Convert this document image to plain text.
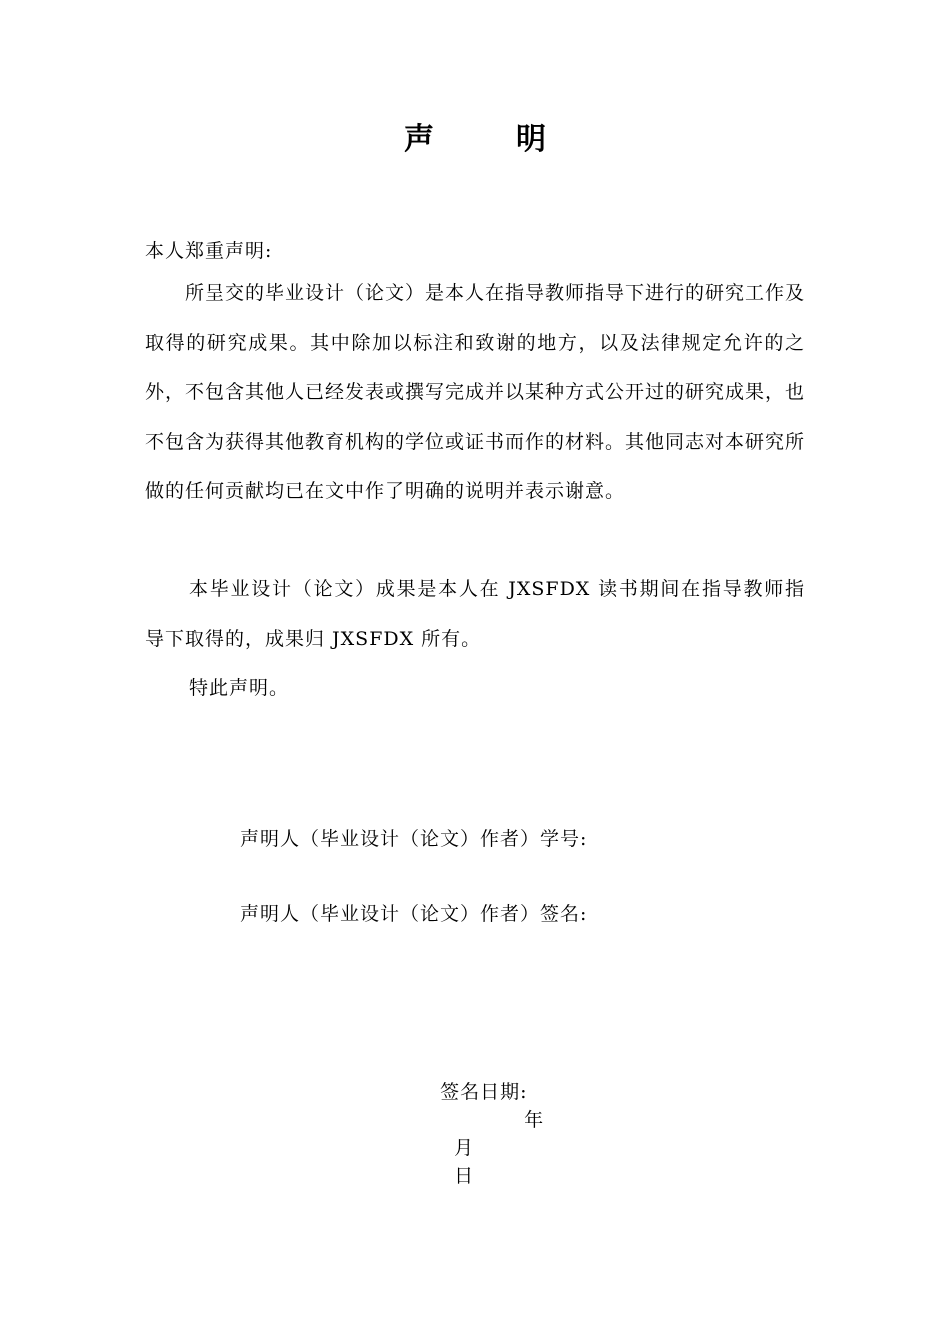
声明
本人郑重声明:
所呈交的毕业设计（论文）是本人在指导教师指导下进行的研究工作及取得的研究成果。其中除加以标注和致谢的地方，以及法律规定允许的之外，不包含其他人已经发表或撰写完成并以某种方式公开过的研究成果，也不包含为获得其他教育机构的学位或证书而作的材料。其他同志对本研究所做的任何贡献均已在文中作了明确的说明并表示谢意。
本毕业设计（论文）成果是本人在 JXSFDX 读书期间在指导教师指导下取得的，成果归 JXSFDX 所有。
特此声明。
声明人（毕业设计（论文）作者）学号:
声明人（毕业设计（论文）作者）签名:

签名日期:
年
月
日
